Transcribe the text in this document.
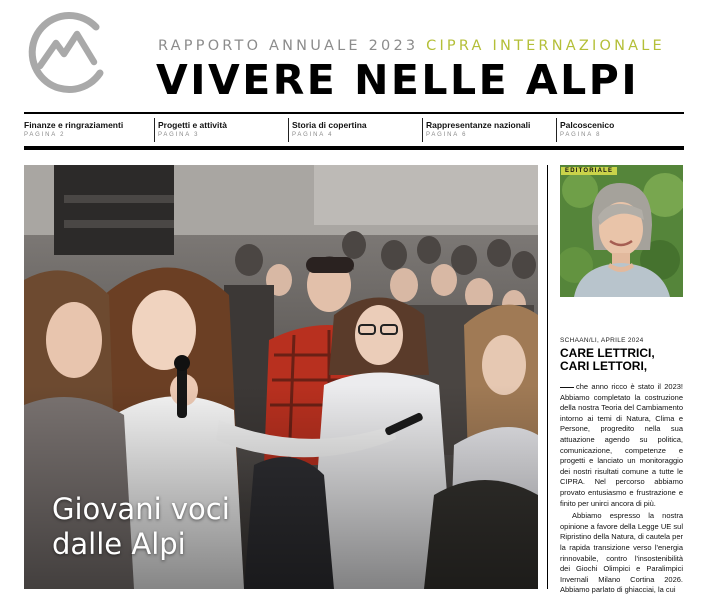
RAPPORTO ANNUALE 2023 CIPRA INTERNAZIONALE
VIVERE NELLE ALPI
Finanze e ringraziamenti
PAGINA 2
Progetti e attività
PAGINA 3
Storia di copertina
PAGINA 4
Rappresentanze nazionali
PAGINA 6
Palcoscenico
PAGINA 8
Giovani voci
dalle Alpi
EDITORIALE
SCHAAN/LI, APRILE 2024
CARE LETTRICI,
CARI LETTORI,

che anno ricco è stato il 2023! Abbiamo completato la costruzione della nostra Teoria del Cambiamento intorno ai temi di Natura, Clima e Persone, progredito nella sua attuazione agendo su politica, comunicazione, competenze e progetti e lanciato un monitoraggio dei nostri risultati comune a tutte le CIPRA. Nel percorso abbiamo provato entusiasmo e frustrazione e finito per unirci ancora di più.

Abbiamo espresso la nostra opinione a favore della Legge UE sul Ripristino della Natura, di cautela per la rapida transizione verso l'energia rinnovabile, contro l'insostenibilità dei Giochi Olimpici e Paralimpici Invernali Milano Cortina 2026. Abbiamo parlato di ghiacciai, la cui
